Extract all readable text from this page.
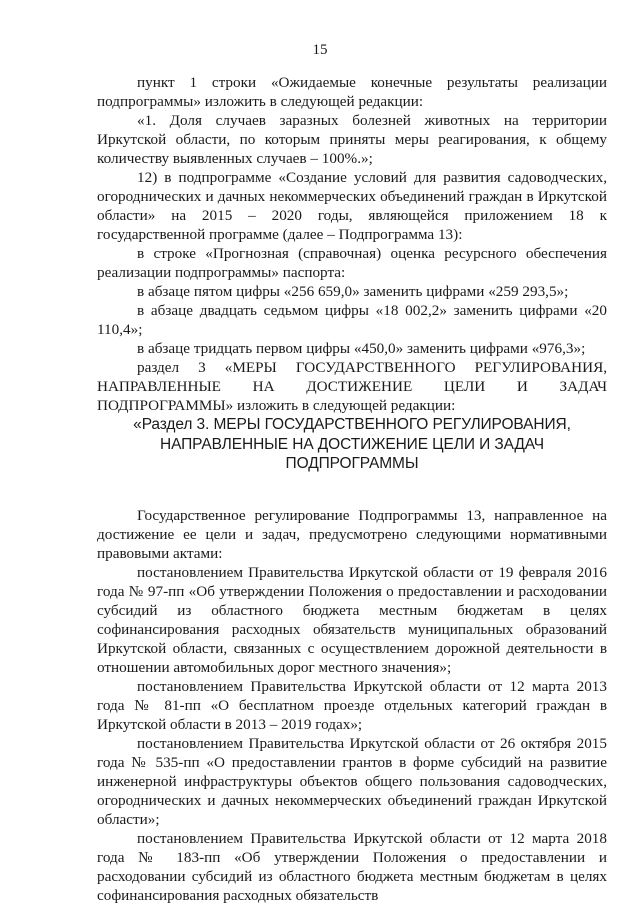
15

пункт 1 строки «Ожидаемые конечные результаты реализации подпрограммы» изложить в следующей редакции:

«1. Доля случаев заразных болезней животных на территории Иркутской области, по которым приняты меры реагирования, к общему количеству выявленных случаев – 100%.»;

12) в подпрограмме «Создание условий для развития садоводческих, огороднических и дачных некоммерческих объединений граждан в Иркутской области» на 2015 – 2020 годы, являющейся приложением 18 к государственной программе (далее – Подпрограмма 13):

в строке «Прогнозная (справочная) оценка ресурсного обеспечения реализации подпрограммы» паспорта:

в абзаце пятом цифры «256 659,0» заменить цифрами «259 293,5»;

в абзаце двадцать седьмом цифры «18 002,2» заменить цифрами «20 110,4»;

в абзаце тридцать первом цифры «450,0» заменить цифрами «976,3»;

раздел 3 «МЕРЫ ГОСУДАРСТВЕННОГО РЕГУЛИРОВАНИЯ, НАПРАВЛЕННЫЕ НА ДОСТИЖЕНИЕ ЦЕЛИ И ЗАДАЧ ПОДПРОГРАММЫ» изложить в следующей редакции:

«Раздел 3. МЕРЫ ГОСУДАРСТВЕННОГО РЕГУЛИРОВАНИЯ, НАПРАВЛЕННЫЕ НА ДОСТИЖЕНИЕ ЦЕЛИ И ЗАДАЧ ПОДПРОГРАММЫ

Государственное регулирование Подпрограммы 13, направленное на достижение ее цели и задач, предусмотрено следующими нормативными правовыми актами:

постановлением Правительства Иркутской области от 19 февраля 2016 года № 97-пп «Об утверждении Положения о предоставлении и расходовании субсидий из областного бюджета местным бюджетам в целях софинансирования расходных обязательств муниципальных образований Иркутской области, связанных с осуществлением дорожной деятельности в отношении автомобильных дорог местного значения»;

постановлением Правительства Иркутской области от 12 марта 2013 года № 81-пп «О бесплатном проезде отдельных категорий граждан в Иркутской области в 2013 – 2019 годах»;

постановлением Правительства Иркутской области от 26 октября 2015 года № 535-пп «О предоставлении грантов в форме субсидий на развитие инженерной инфраструктуры объектов общего пользования садоводческих, огороднических и дачных некоммерческих объединений граждан Иркутской области»;

постановлением Правительства Иркутской области от 12 марта 2018 года № 183-пп «Об утверждении Положения о предоставлении и расходовании субсидий из областного бюджета местным бюджетам в целях софинансирования расходных обязательств
